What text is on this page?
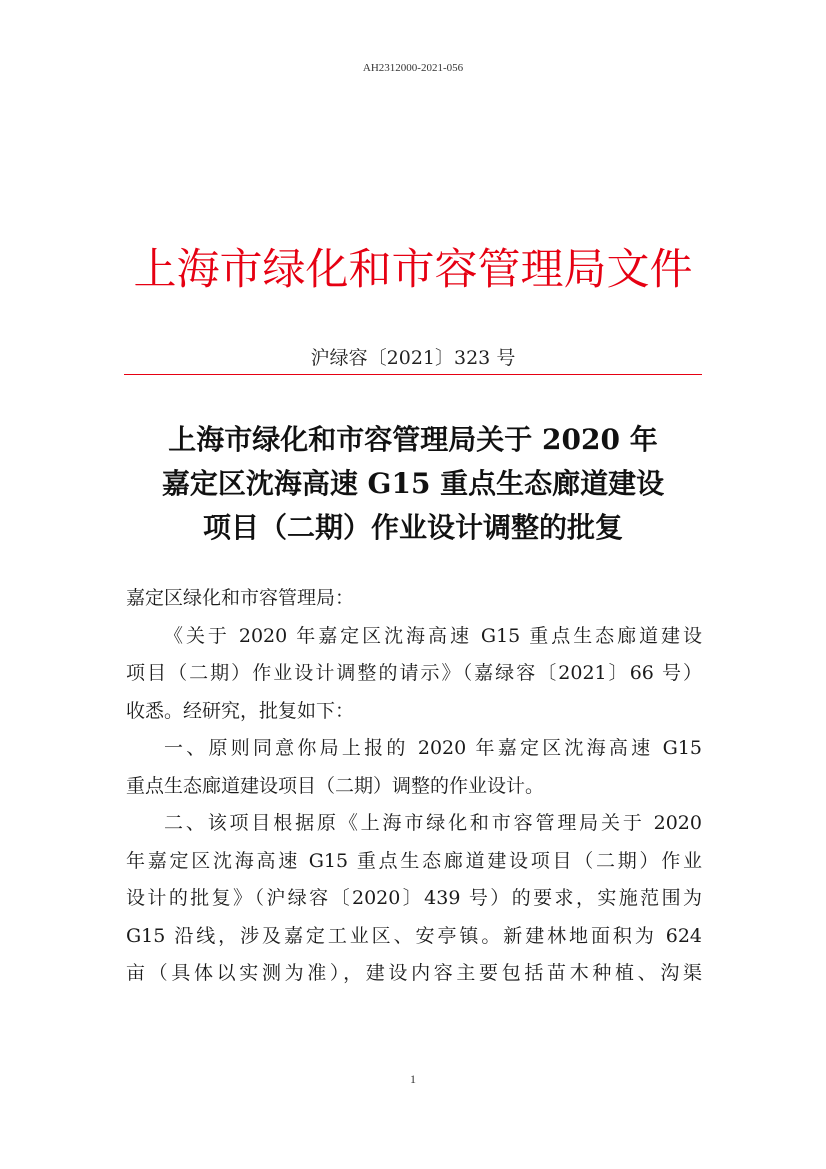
AH2312000-2021-056
上海市绿化和市容管理局文件
沪绿容〔2021〕323 号
上海市绿化和市容管理局关于 2020 年
嘉定区沈海高速 G15 重点生态廊道建设
项目（二期）作业设计调整的批复
嘉定区绿化和市容管理局：
《关于 2020 年嘉定区沈海高速 G15 重点生态廊道建设
项目（二期）作业设计调整的请示》（嘉绿容〔2021〕66 号）
收悉。经研究，批复如下：
一、原则同意你局上报的 2020 年嘉定区沈海高速 G15
重点生态廊道建设项目（二期）调整的作业设计。
二、该项目根据原《上海市绿化和市容管理局关于 2020
年嘉定区沈海高速 G15 重点生态廊道建设项目（二期）作业
设计的批复》（沪绿容〔2020〕439 号）的要求，实施范围为
G15 沿线，涉及嘉定工业区、安亭镇。新建林地面积为 624
亩（具体以实测为准），建设内容主要包括苗木种植、沟渠
1
